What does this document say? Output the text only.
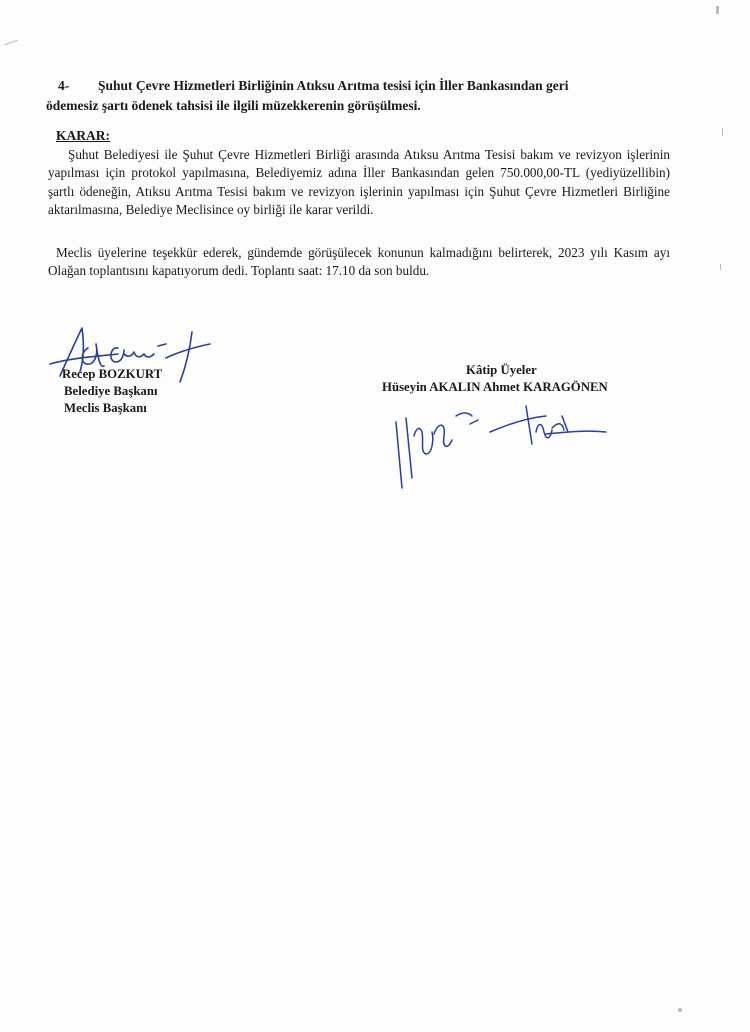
4- Şuhut Çevre Hizmetleri Birliğinin Atıksu Arıtma tesisi için İller Bankasından geri
ödemesiz şartı ödenek tahsisi ile ilgili müzekkerenin görüşülmesi.
KARAR:
Şuhut Belediyesi ile Şuhut Çevre Hizmetleri Birliği arasında Atıksu Arıtma Tesisi bakım ve revizyon işlerinin yapılması için protokol yapılmasına, Belediyemiz adına İller Bankasından gelen 750.000,00-TL (yediyüzellibin) şartlı ödeneğin, Atıksu Arıtma Tesisi bakım ve revizyon işlerinin yapılması için Şuhut Çevre Hizmetleri Birliğine aktarılmasına, Belediye Meclisince oy birliği ile karar verildi.
Meclis üyelerine teşekkür ederek, gündemde görüşülecek konunun kalmadığını belirterek, 2023 yılı Kasım ayı Olağan toplantısını kapatıyorum dedi. Toplantı saat: 17.10 da son buldu.
Recep BOZKURT
Belediye Başkanı
Meclis Başkanı
Kâtip Üyeler
Hüseyin AKALIN Ahmet KARAGÖNEN
